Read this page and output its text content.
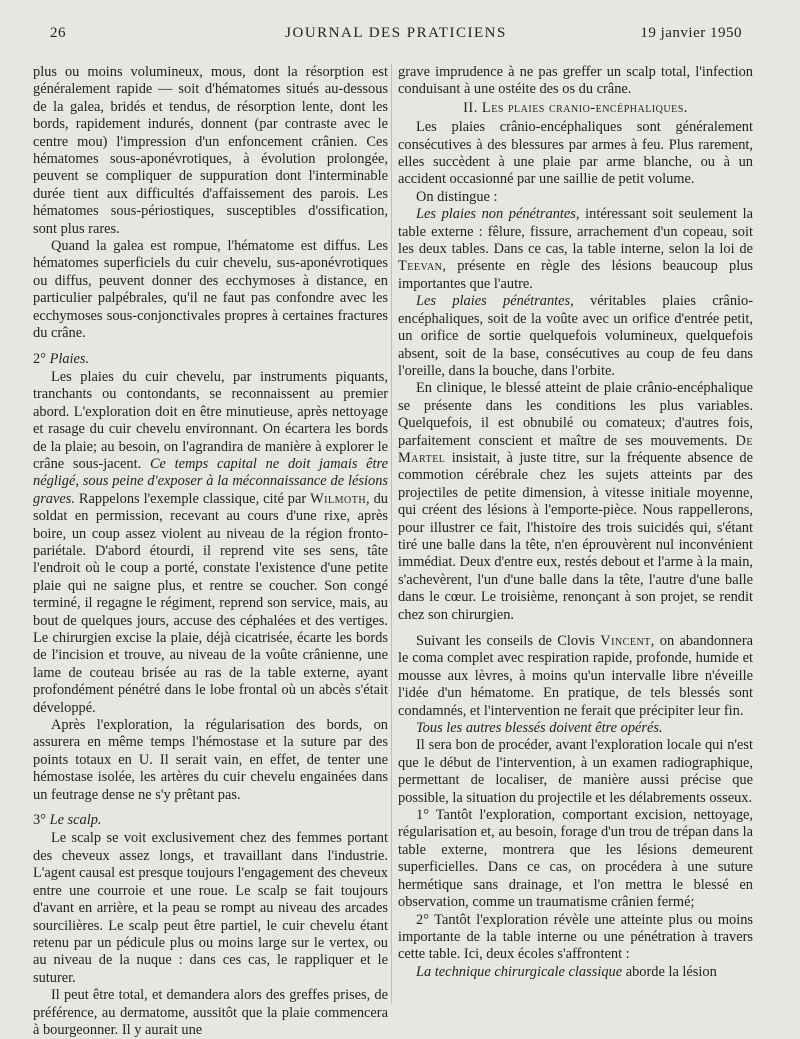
26	JOURNAL DES PRATICIENS	19 janvier 1950

plus ou moins volumineux, mous, dont la résorption est généralement rapide — soit d'hématomes situés au-dessous de la galea, bridés et tendus, de résorption lente, dont les bords, rapidement indurés, donnent (par contraste avec le centre mou) l'impression d'un enfoncement crânien. Ces hématomes sous-aponévrotiques, à évolution prolongée, peuvent se compliquer de suppuration dont l'interminable durée tient aux difficultés d'affaissement des parois. Les hématomes sous-périostiques, susceptibles d'ossification, sont plus rares.

Quand la galea est rompue, l'hématome est diffus. Les hématomes superficiels du cuir chevelu, sus-aponévrotiques ou diffus, peuvent donner des ecchymoses à distance, en particulier palpébrales, qu'il ne faut pas confondre avec les ecchymoses sous-conjonctivales propres à certaines fractures du crâne.

2° Plaies.

Les plaies du cuir chevelu, par instruments piquants, tranchants ou contondants, se reconnaissent au premier abord. L'exploration doit en être minutieuse, après nettoyage et rasage du cuir chevelu environnant. On écartera les bords de la plaie; au besoin, on l'agrandira de manière à explorer le crâne sous-jacent. Ce temps capital ne doit jamais être négligé, sous peine d'exposer à la méconnaissance de lésions graves. Rappelons l'exemple classique, cité par Wilmoth, du soldat en permission, recevant au cours d'une rixe, après boire, un coup assez violent au niveau de la région fronto-pariétale. D'abord étourdi, il reprend vite ses sens, tâte l'endroit où le coup a porté, constate l'existence d'une petite plaie qui ne saigne plus, et rentre se coucher. Son congé terminé, il regagne le régiment, reprend son service, mais, au bout de quelques jours, accuse des céphalées et des vertiges. Le chirurgien excise la plaie, déjà cicatrisée, écarte les bords de l'incision et trouve, au niveau de la voûte crânienne, une lame de couteau brisée au ras de la table externe, ayant profondément pénétré dans le lobe frontal où un abcès s'était développé.

Après l'exploration, la régularisation des bords, on assurera en même temps l'hémostase et la suture par des points totaux en U. Il serait vain, en effet, de tenter une hémostase isolée, les artères du cuir chevelu engainées dans un feutrage dense ne s'y prêtant pas.

3° Le scalp.

Le scalp se voit exclusivement chez des femmes portant des cheveux assez longs, et travaillant dans l'industrie. L'agent causal est presque toujours l'engagement des cheveux entre une courroie et une roue. Le scalp se fait toujours d'avant en arrière, et la peau se rompt au niveau des arcades sourcilières. Le scalp peut être partiel, le cuir chevelu étant retenu par un pédicule plus ou moins large sur le vertex, ou au niveau de la nuque : dans ces cas, le rappliquer et le suturer.

Il peut être total, et demandera alors des greffes prises, de préférence, au dermatome, aussitôt que la plaie commencera à bourgeonner. Il y aurait une

grave imprudence à ne pas greffer un scalp total, l'infection conduisant à une ostéite des os du crâne.

II. Les plaies cranio-encéphaliques.

Les plaies crânio-encéphaliques sont généralement consécutives à des blessures par armes à feu. Plus rarement, elles succèdent à une plaie par arme blanche, ou à un accident occasionné par une saillie de petit volume.

On distingue :

Les plaies non pénétrantes, intéressant soit seulement la table externe : fêlure, fissure, arrachement d'un copeau, soit les deux tables. Dans ce cas, la table interne, selon la loi de Teevan, présente en règle des lésions beaucoup plus importantes que l'autre.

Les plaies pénétrantes, véritables plaies crânio-encéphaliques, soit de la voûte avec un orifice d'entrée petit, un orifice de sortie quelquefois volumineux, quelquefois absent, soit de la base, consécutives au coup de feu dans l'oreille, dans la bouche, dans l'orbite.

En clinique, le blessé atteint de plaie crânio-encéphalique se présente dans les conditions les plus variables. Quelquefois, il est obnubilé ou comateux; d'autres fois, parfaitement conscient et maître de ses mouvements. De Martel insistait, à juste titre, sur la fréquente absence de commotion cérébrale chez les sujets atteints par des projectiles de petite dimension, à vitesse initiale moyenne, qui créent des lésions à l'emporte-pièce. Nous rappellerons, pour illustrer ce fait, l'histoire des trois suicidés qui, s'étant tiré une balle dans la tête, n'en éprouvèrent nul inconvénient immédiat. Deux d'entre eux, restés debout et l'arme à la main, s'achevèrent, l'un d'une balle dans la tête, l'autre d'une balle dans le cœur. Le troisième, renonçant à son projet, se rendit chez son chirurgien.

Suivant les conseils de Clovis Vincent, on abandonnera le coma complet avec respiration rapide, profonde, humide et mousse aux lèvres, à moins qu'un intervalle libre n'éveille l'idée d'un hématome. En pratique, de tels blessés sont condamnés, et l'intervention ne ferait que précipiter leur fin.

Tous les autres blessés doivent être opérés.

Il sera bon de procéder, avant l'exploration locale qui n'est que le début de l'intervention, à un examen radiographique, permettant de localiser, de manière aussi précise que possible, la situation du projectile et les délabrements osseux.

1° Tantôt l'exploration, comportant excision, nettoyage, régularisation et, au besoin, forage d'un trou de trépan dans la table externe, montrera que les lésions demeurent superficielles. Dans ce cas, on procédera à une suture hermétique sans drainage, et l'on mettra le blessé en observation, comme un traumatisme crânien fermé;

2° Tantôt l'exploration révèle une atteinte plus ou moins importante de la table interne ou une pénétration à travers cette table. Ici, deux écoles s'affrontent :

La technique chirurgicale classique aborde la lésion
